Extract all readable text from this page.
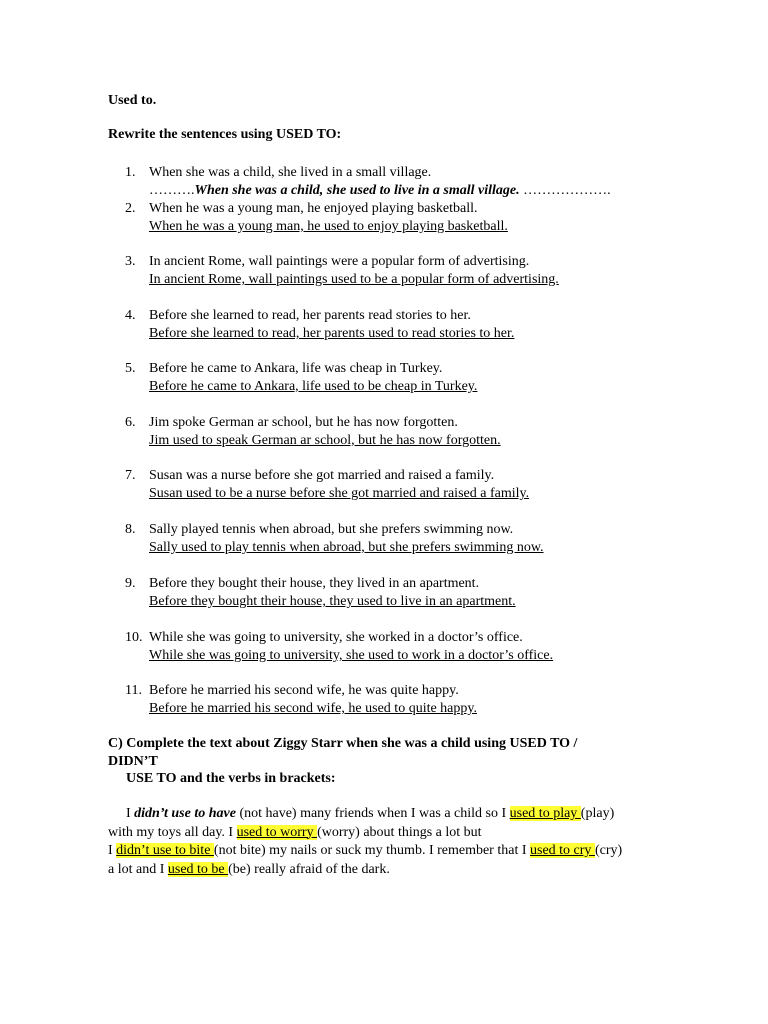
Used to.
Rewrite the sentences using USED TO:
1. When she was a child, she lived in a small village.
……….When she was a child, she used to live in a small village. ……………….
2. When he was a young man, he enjoyed playing basketball.
When he was a young man, he used to enjoy playing basketball.
3. In ancient Rome, wall paintings were a popular form of advertising.
In ancient Rome, wall paintings used to be a popular form of advertising.
4. Before she learned to read, her parents read stories to her.
Before she learned to read, her parents used to read stories to her.
5. Before he came to Ankara, life was cheap in Turkey.
Before he came to Ankara, life used to be cheap in Turkey.
6. Jim spoke German ar school, but he has now forgotten.
Jim used to speak German ar school, but he has now forgotten.
7. Susan was a nurse before she got married and raised a family.
Susan used to be a nurse before she got married and raised a family.
8. Sally played tennis when abroad, but she prefers swimming now.
Sally used to play tennis when abroad, but she prefers swimming now.
9. Before they bought their house, they lived in an apartment.
Before they bought their house, they used to live in an apartment.
10. While she was going to university, she worked in a doctor’s office.
While she was going to university, she used to work in a doctor’s office.
11. Before he married his second wife, he was quite happy.
Before he married his second wife, he used to quite happy.
C) Complete the text about Ziggy Starr when she was a child using USED TO /
DIDN’T
USE TO and the verbs in brackets:
I didn’t use to have (not have) many friends when I was a child so I used to play (play)
with my toys all day. I used to worry (worry) about things a lot but
I didn’t use to bite (not bite) my nails or suck my thumb. I remember that I used to cry (cry)
a lot and I used to be (be) really afraid of the dark.
